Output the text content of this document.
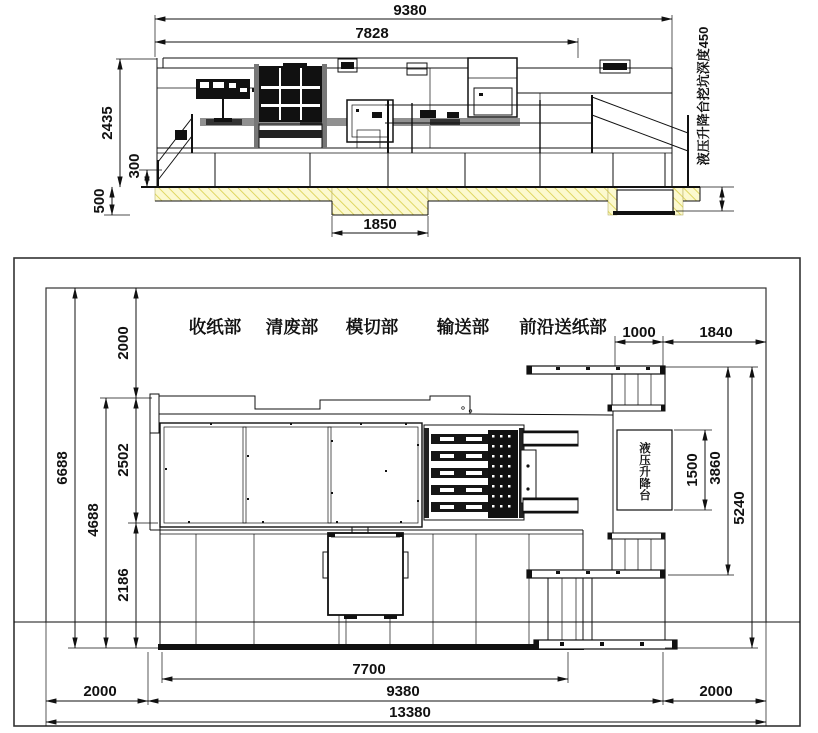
9380
7828
2435
300
500
1850
液压升降台挖坑深度450
收纸部 清废部 模切部 输送部 前沿送纸部
液压升降台
6688
4688
2000
2502
2186
1000	1840
1500 3860
5240
7700
9380
2000	2000
13380
